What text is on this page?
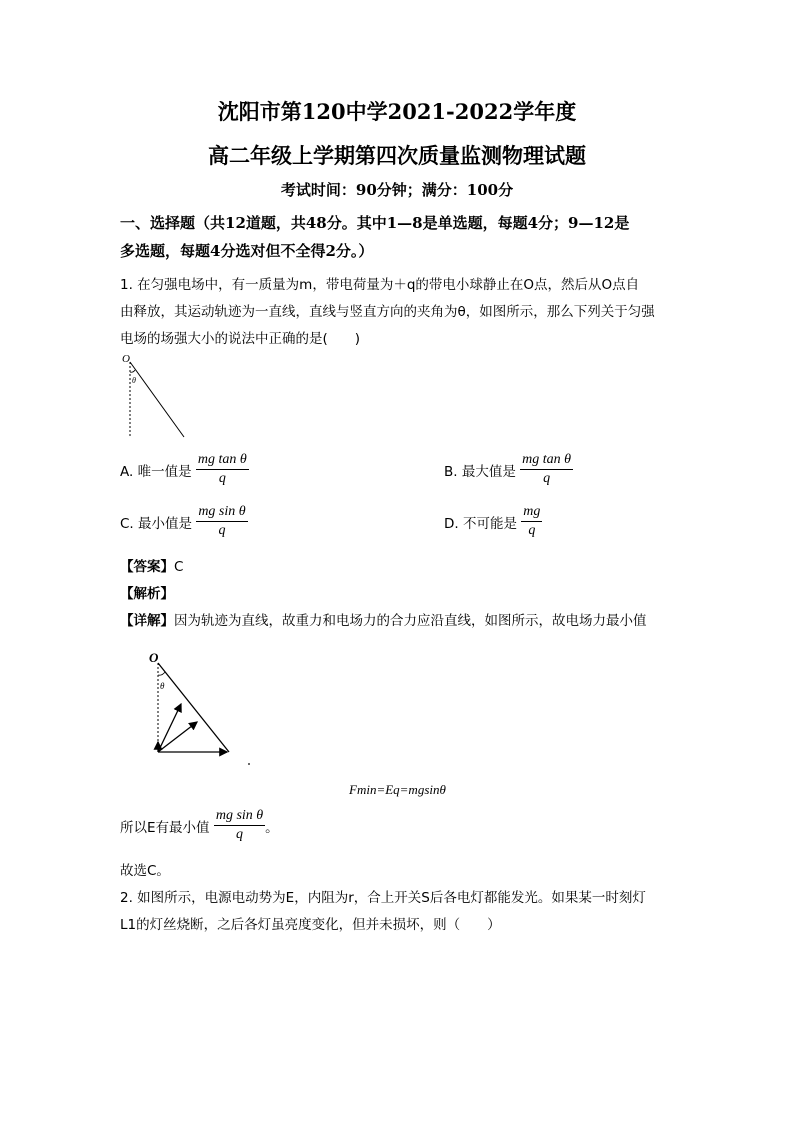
沈阳市第120中学2021-2022学年度
高二年级上学期第四次质量监测物理试题
考试时间：90分钟；满分：100分
一、选择题（共12道题，共48分。其中1—8是单选题，每题4分；9—12是
多选题，每题4分选对但不全得2分。）
1. 在匀强电场中，有一质量为m，带电荷量为＋q的带电小球静止在O点，然后从O点自
由释放，其运动轨迹为一直线，直线与竖直方向的夹角为θ，如图所示，那么下列关于匀强
电场的场强大小的说法中正确的是(　　)
O
θ
A. 唯一值是 $\frac{\text{mg tan θ}}{q}$	B. 最大值是 $\frac{\text{mg tan θ}}{q}$
C. 最小值是 $\frac{\text{mg sin θ}}{q}$	D. 不可能是 $\frac{mg}{q}$
【答案】C
【解析】
【详解】因为轨迹为直线，故重力和电场力的合力应沿直线，如图所示，故电场力最小值
O
θ
Fmin=Eq=mgsinθ
所以E有最小值 $\frac{\text{mg sin θ}}{q}$ 。
故选C。
2. 如图所示，电源电动势为E，内阻为r，合上开关S后各电灯都能发光。如果某一时刻灯
L1的灯丝烧断，之后各灯虽亮度变化，但并未损坏，则（　　）
